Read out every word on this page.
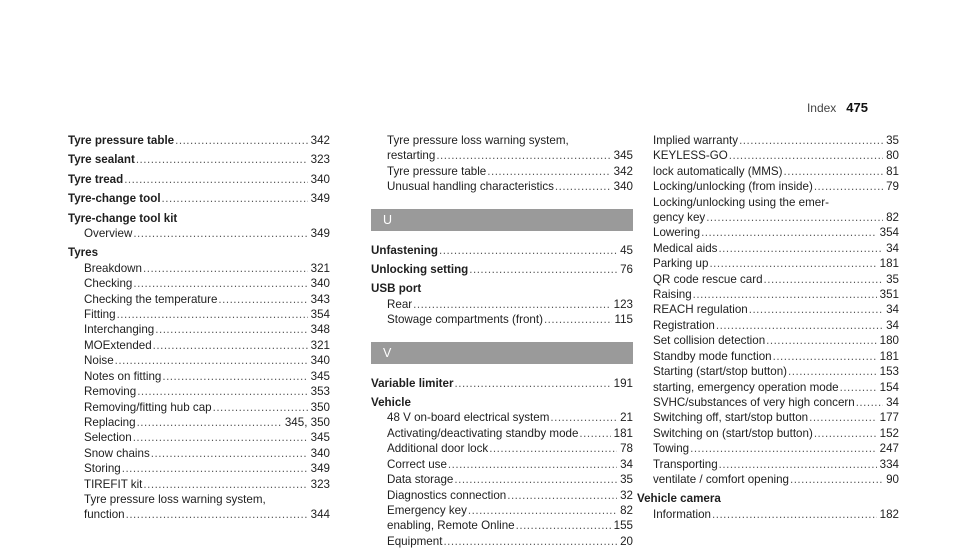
Index 475
Tyre pressure table .....	342
Tyre sealant .....	323
Tyre tread .....	340
Tyre-change tool .....	349
Tyre-change tool kit
Overview .....	349
Tyres
Breakdown .....	321
Checking .....	340
Checking the temperature .....	343
Fitting .....	354
Interchanging .....	348
MOExtended .....	321
Noise .....	340
Notes on fitting .....	345
Removing .....	353
Removing/fitting hub cap .....	350
Replacing .....	345, 350
Selection .....	345
Snow chains .....	340
Storing .....	349
TIREFIT kit .....	323
Tyre pressure loss warning system,
function .....	344
Tyre pressure loss warning system,
restarting .....	345
Tyre pressure table .....	342
Unusual handling characteristics .....	340
U
Unfastening .....	45
Unlocking setting .....	76
USB port
Rear .....	123
Stowage compartments (front) .....	115
V
Variable limiter .....	191
Vehicle
48 V on-board electrical system .....	21
Activating/deactivating standby mode .....	181
Additional door lock .....	78
Correct use .....	34
Data storage .....	35
Diagnostics connection .....	32
Emergency key .....	82
enabling, Remote Online .....	155
Equipment .....	20
Implied warranty .....	35
KEYLESS-GO .....	80
lock automatically (MMS) .....	81
Locking/unlocking (from inside) .....	79
Locking/unlocking using the emer-
gency key .....	82
Lowering .....	354
Medical aids .....	34
Parking up .....	181
QR code rescue card .....	35
Raising .....	351
REACH regulation .....	34
Registration .....	34
Set collision detection .....	180
Standby mode function .....	181
Starting (start/stop button) .....	153
starting, emergency operation mode .....	154
SVHC/substances of very high concern .....	34
Switching off, start/stop button .....	177
Switching on (start/stop button) .....	152
Towing .....	247
Transporting .....	334
ventilate / comfort opening .....	90
Vehicle camera
Information .....	182
